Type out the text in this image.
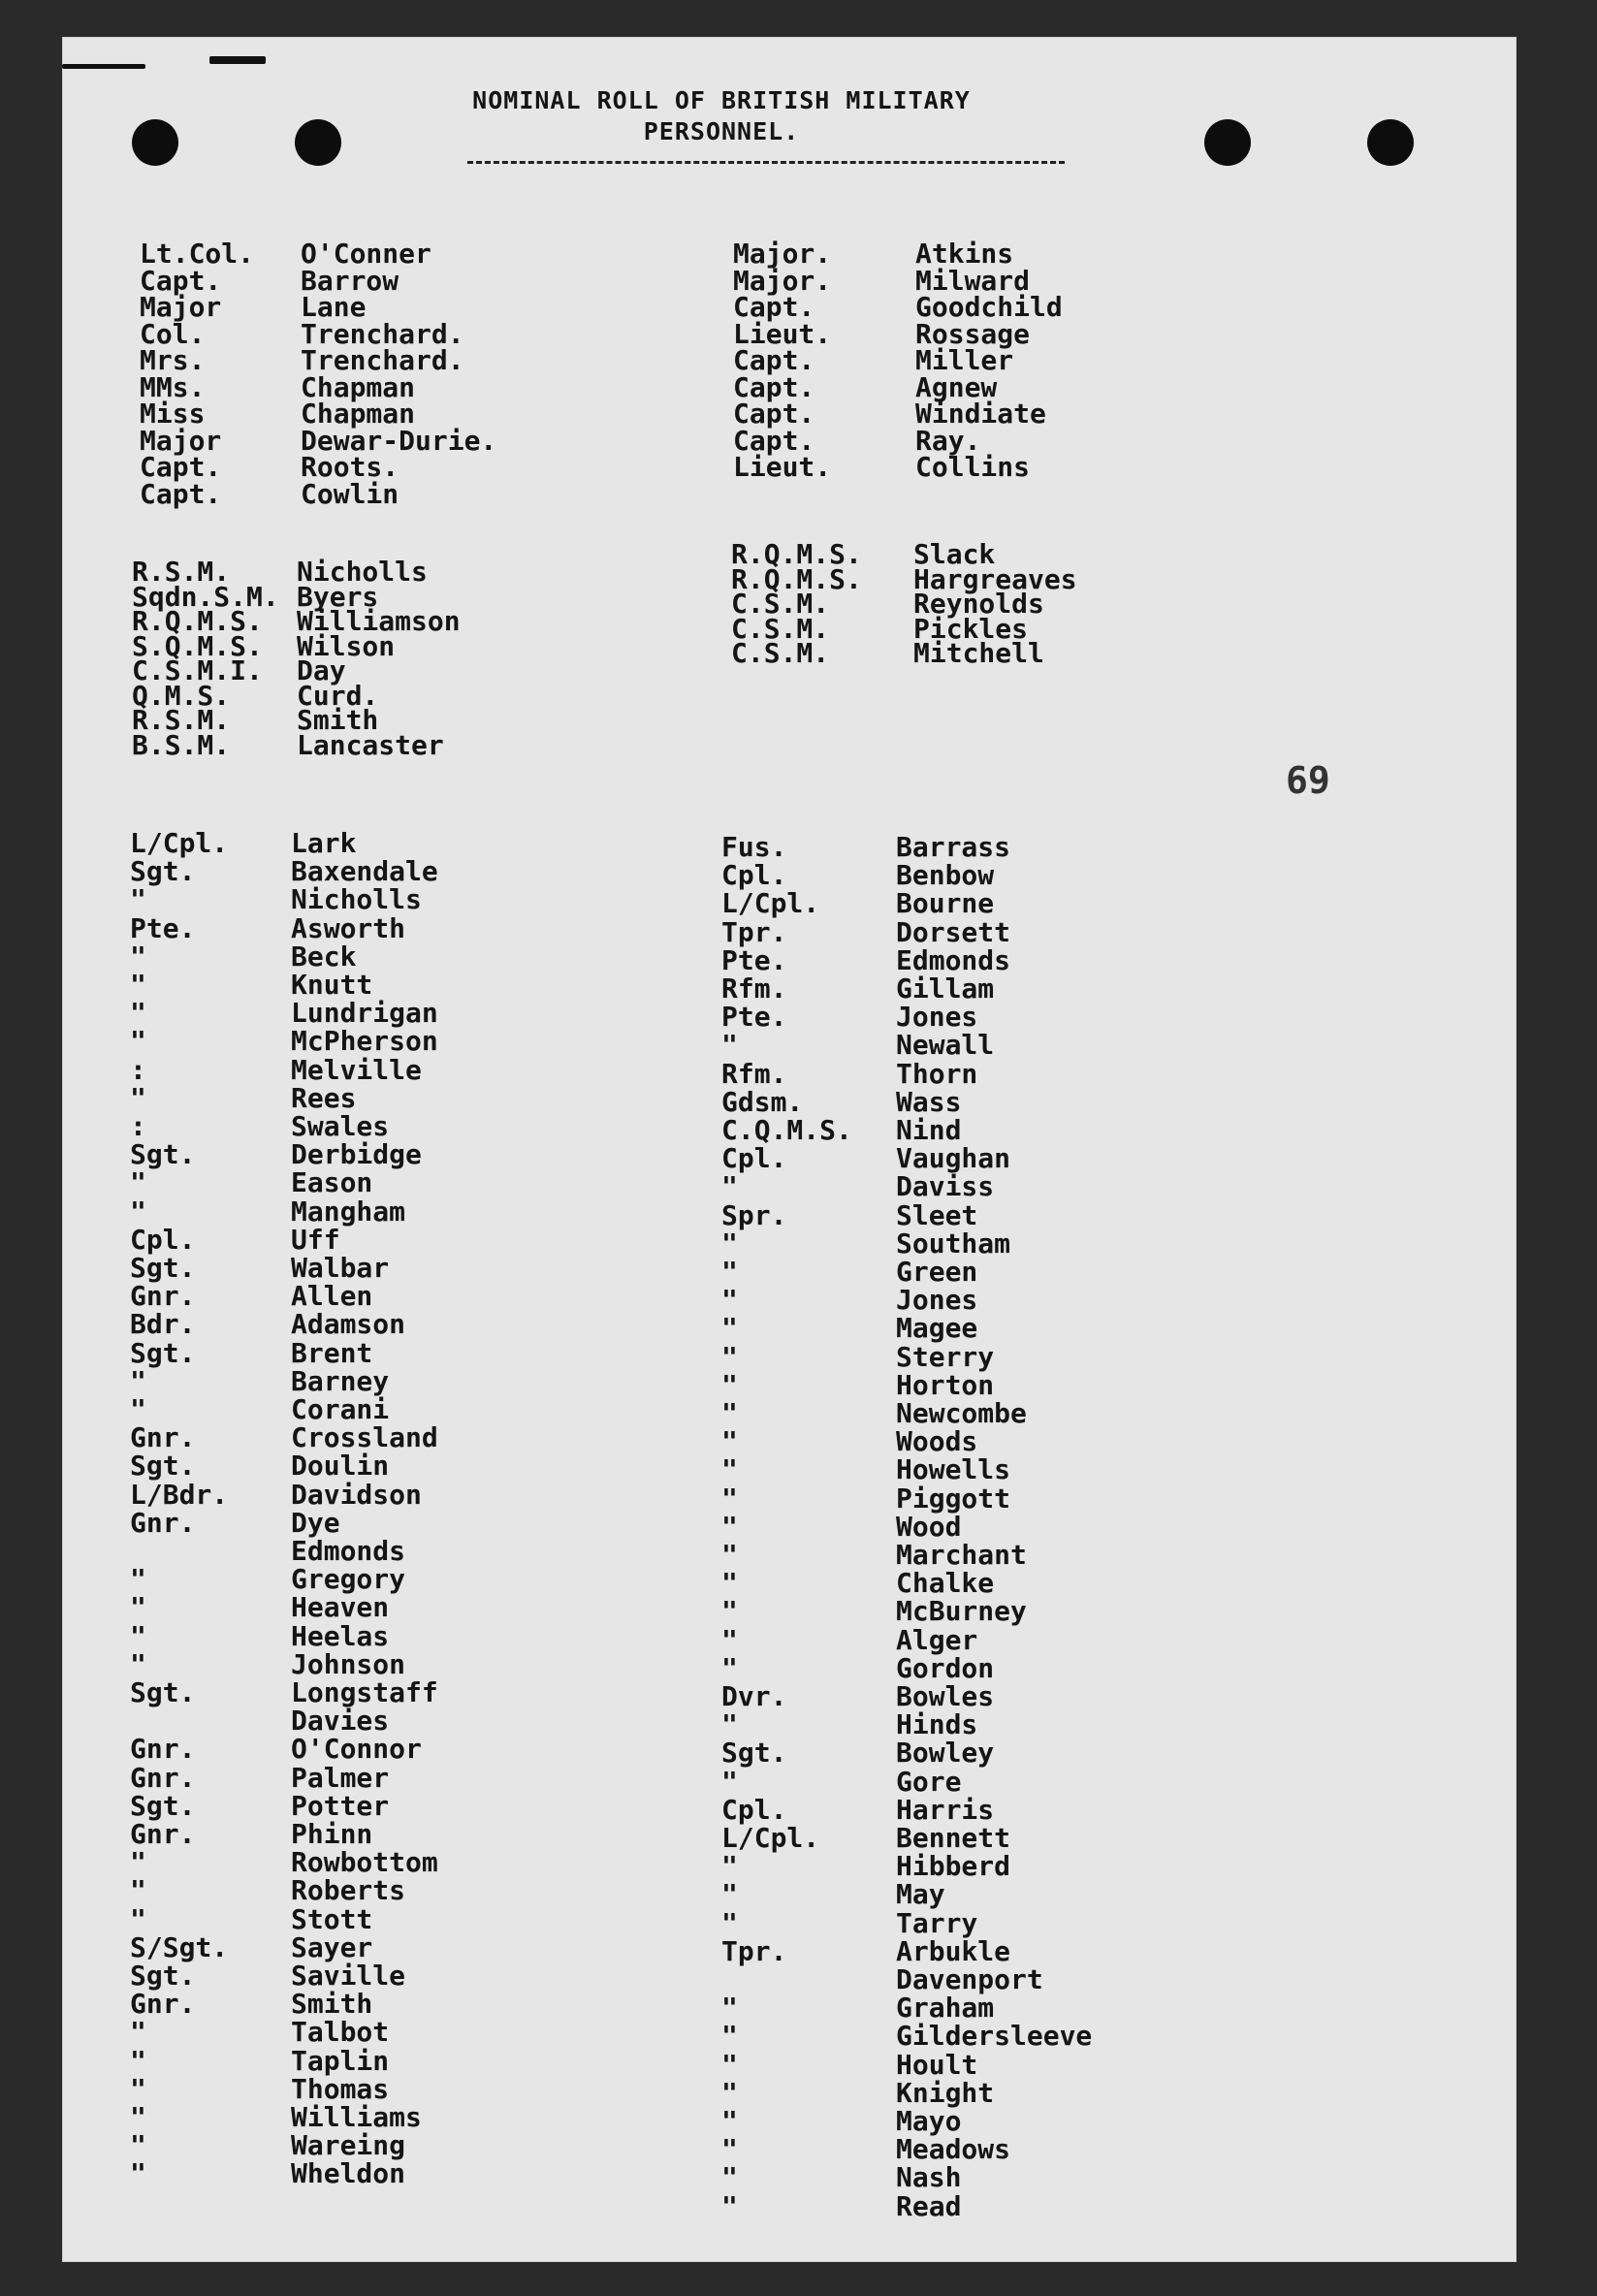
NOMINAL ROLL OF BRITISH MILITARY
PERSONNEL.
69
Lt.Col. O'Conner
Capt.	Barrow
Major	Lane
Col.	Trenchard.
Mrs.	Trenchard.
MMs.	Chapman
Miss	Chapman
Major	Dewar-Durie.
Capt.	Roots.
Capt.	Cowlin
Major.	Atkins
Major.	Milward
Capt.	Goodchild
Lieut.	Rossage
Capt.	Miller
Capt.	Agnew
Capt.	Windiate
Capt.	Ray.
Lieut.	Collins
R.S.M. Nicholls
Sqdn.S.M. Byers
R.Q.M.S. Williamson
S.Q.M.S. Wilson
C.S.M.I. Day
Q.M.S. Curd.
R.S.M. Smith
B.S.M. Lancaster
R.Q.M.S. Slack
R.Q.M.S. Hargreaves
C.S.M.	Reynolds
C.S.M.	Pickles
C.S.M.	Mitchell
L/Cpl. Lark
Sgt.	Baxendale
"	Nicholls
Pte.	Asworth
"	Beck
"	Knutt
"	Lundrigan
"	McPherson
:	Melville
"	Rees
:	Swales
Sgt.	Derbidge
"	Eason
"	Mangham
Cpl.	Uff
Sgt.	Walbar
Gnr.	Allen
Bdr.	Adamson
Sgt.	Brent
"	Barney
"	Corani
Gnr.	Crossland
Sgt.	Doulin
L/Bdr. Davidson
Gnr.	Dye
Edmonds
"	Gregory
"	Heaven
"	Heelas
"	Johnson
Sgt.	Longstaff
Davies
Gnr.	O'Connor
Gnr.	Palmer
Sgt.	Potter
Gnr.	Phinn
"	Rowbottom
"	Roberts
"	Stott
S/Sgt. Sayer
Sgt.	Saville
Gnr.	Smith
"	Talbot
"	Taplin
"	Thomas
"	Williams
"	Wareing
"	Wheldon
Fus.	Barrass
Cpl.	Benbow
L/Cpl.	Bourne
Tpr.	Dorsett
Pte.	Edmonds
Rfm.	Gillam
Pte.	Jones
"	Newall
Rfm.	Thorn
Gdsm.	Wass
C.Q.M.S. Nind
Cpl.	Vaughan
"	Daviss
Spr.	Sleet
"	Southam
"	Green
"	Jones
"	Magee
"	Sterry
"	Horton
"	Newcombe
"	Woods
"	Howells
"	Piggott
"	Wood
"	Marchant
"	Chalke
"	McBurney
"	Alger
"	Gordon
Dvr.	Bowles
"	Hinds
Sgt.	Bowley
"	Gore
Cpl.	Harris
L/Cpl.	Bennett
"	Hibberd
"	May
"	Tarry
Tpr.	Arbukle
Davenport
"	Graham
"	Gildersleeve
"	Hoult
"	Knight
"	Mayo
"	Meadows
"	Nash
"	Read
